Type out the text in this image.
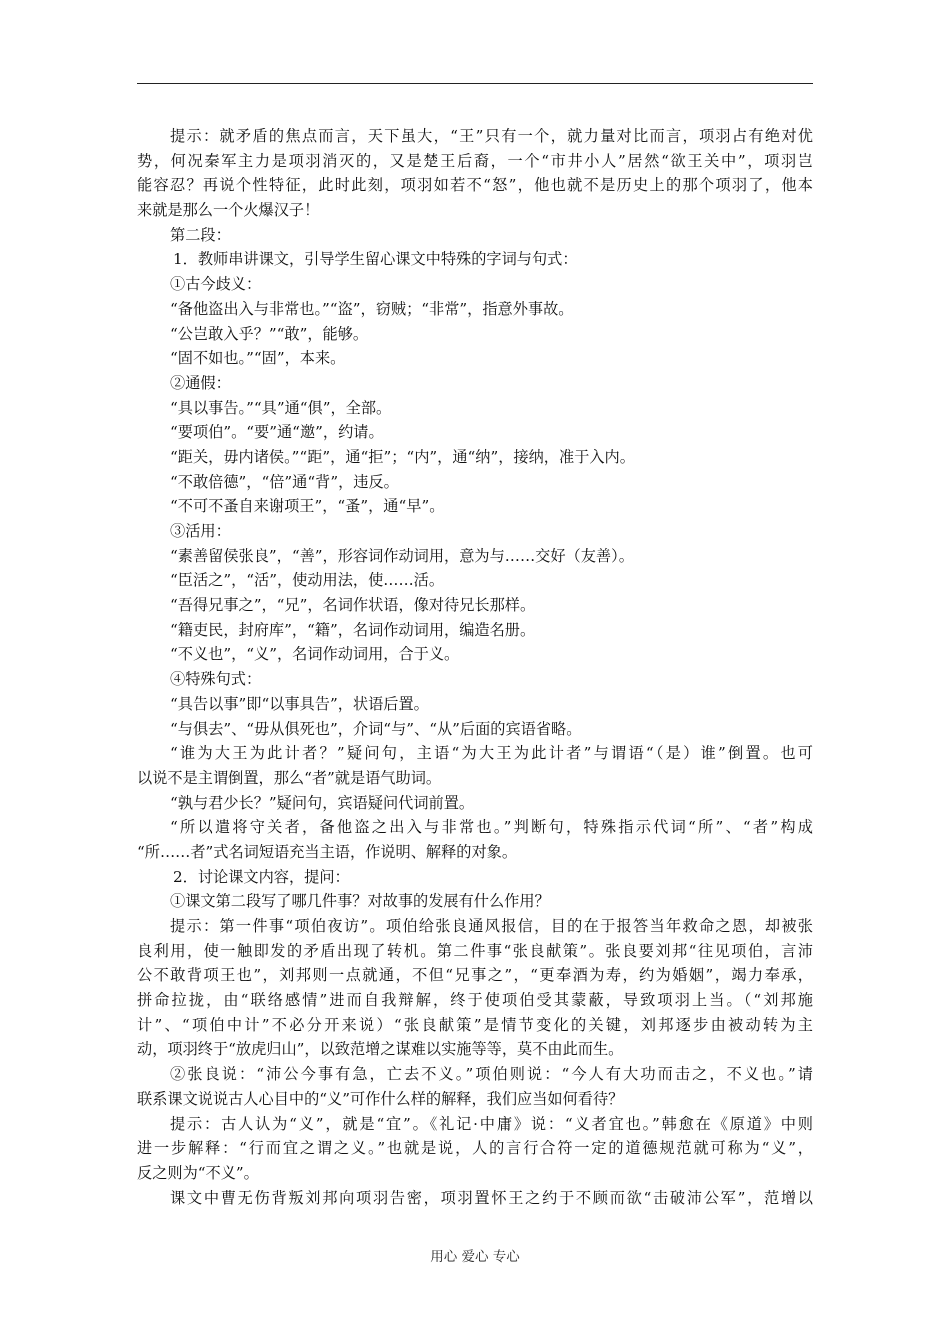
提示：就矛盾的焦点而言，天下虽大，“王”只有一个，就力量对比而言，项羽占有绝对优
势，何况秦军主力是项羽消灭的，又是楚王后裔，一个“市井小人”居然“欲王关中”，项羽岂
能容忍？再说个性特征，此时此刻，项羽如若不“怒”，他也就不是历史上的那个项羽了，他本
来就是那么一个火爆汉子！
第二段：
1．教师串讲课文，引导学生留心课文中特殊的字词与句式：
①古今歧义：
“备他盗出入与非常也。”“盗”，窃贼；“非常”，指意外事故。
“公岂敢入乎？”“敢”，能够。
“固不如也。”“固”，本来。
②通假：
“具以事告。”“具”通“俱”，全部。
“要项伯”。“要”通“邀”，约请。
“距关，毋内诸侯。”“距”，通“拒”；“内”，通“纳”，接纳，准于入内。
“不敢倍德”，“倍”通“背”，违反。
“不可不蚤自来谢项王”，“蚤”，通“早”。
③活用：
“素善留侯张良”，“善”，形容词作动词用，意为与……交好（友善）。
“臣活之”，“活”，使动用法，使……活。
“吾得兄事之”，“兄”，名词作状语，像对待兄长那样。
“籍吏民，封府库”，“籍”，名词作动词用，编造名册。
“不义也”，“义”，名词作动词用，合于义。
④特殊句式：
“具告以事”即“以事具告”，状语后置。
“与俱去”、“毋从俱死也”，介词“与”、“从”后面的宾语省略。
“谁为大王为此计者？”疑问句，主语“为大王为此计者”与谓语“（是）谁”倒置。也可
以说不是主谓倒置，那么“者”就是语气助词。
“孰与君少长？”疑问句，宾语疑问代词前置。
“所以遣将守关者，备他盗之出入与非常也。”判断句，特殊指示代词“所”、“者”构成
“所……者”式名词短语充当主语，作说明、解释的对象。
2．讨论课文内容，提问：
①课文第二段写了哪几件事？对故事的发展有什么作用？
提示：第一件事“项伯夜访”。项伯给张良通风报信，目的在于报答当年救命之恩，却被张
良利用，使一触即发的矛盾出现了转机。第二件事“张良献策”。张良要刘邦“往见项伯，言沛
公不敢背项王也”，刘邦则一点就通，不但“兄事之”，“更奉酒为寿，约为婚姻”，竭力奉承，
拼命拉拢，由“联络感情”进而自我辩解，终于使项伯受其蒙蔽，导致项羽上当。（“刘邦施
计”、“项伯中计”不必分开来说）“张良献策”是情节变化的关键，刘邦逐步由被动转为主
动，项羽终于“放虎归山”，以致范增之谋难以实施等等，莫不由此而生。
②张良说：“沛公今事有急，亡去不义。”项伯则说：“今人有大功而击之，不义也。”请
联系课文说说古人心目中的“义”可作什么样的解释，我们应当如何看待？
提示：古人认为“义”，就是“宜”。《礼记·中庸》说：“义者宜也。”韩愈在《原道》中则
进一步解释：“行而宜之谓之义。”也就是说，人的言行合符一定的道德规范就可称为“义”，
反之则为“不义”。
课文中曹无伤背叛刘邦向项羽告密，项羽置怀王之约于不顾而欲“击破沛公军”，范增以
用心 爱心 专心
